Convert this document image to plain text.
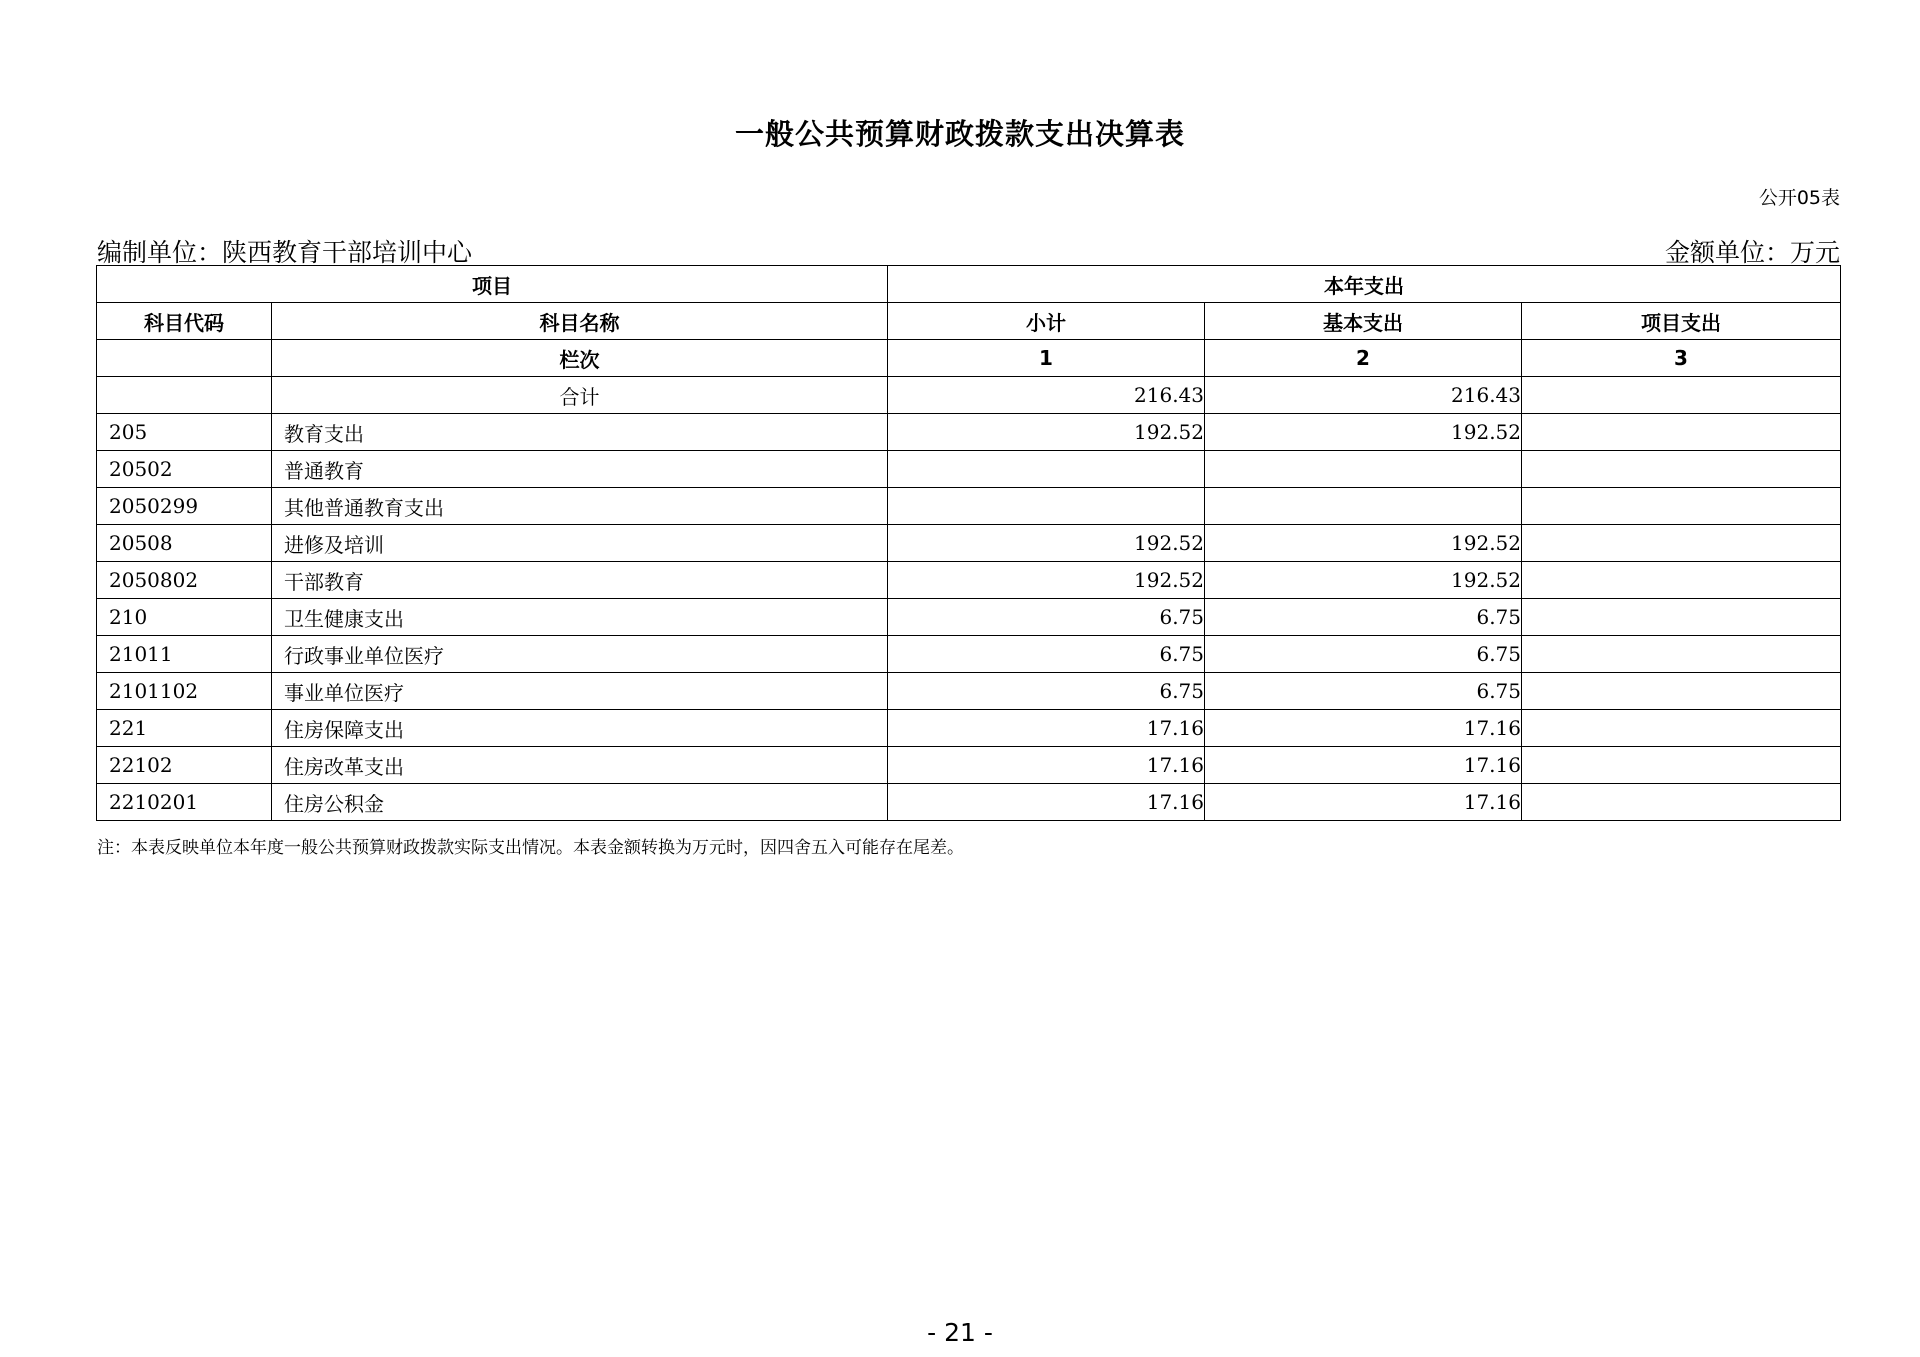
一般公共预算财政拨款支出决算表
公开05表
编制单位：陕西教育干部培训中心	金额单位：万元
项目		本年支出		
科目代码	科目名称	小计	基本支出	项目支出
	栏次	1	2	3
	合计	216.43	216.43	
205	教育支出	192.52	192.52	
20502	普通教育			
2050299	其他普通教育支出			
20508	进修及培训	192.52	192.52	
2050802	干部教育	192.52	192.52	
210	卫生健康支出	6.75	6.75	
21011	行政事业单位医疗	6.75	6.75	
2101102	事业单位医疗	6.75	6.75	
221	住房保障支出	17.16	17.16	
22102	住房改革支出	17.16	17.16	
2210201	住房公积金	17.16	17.16	
注：本表反映单位本年度一般公共预算财政拨款实际支出情况。本表金额转换为万元时，因四舍五入可能存在尾差。
- 21 -
